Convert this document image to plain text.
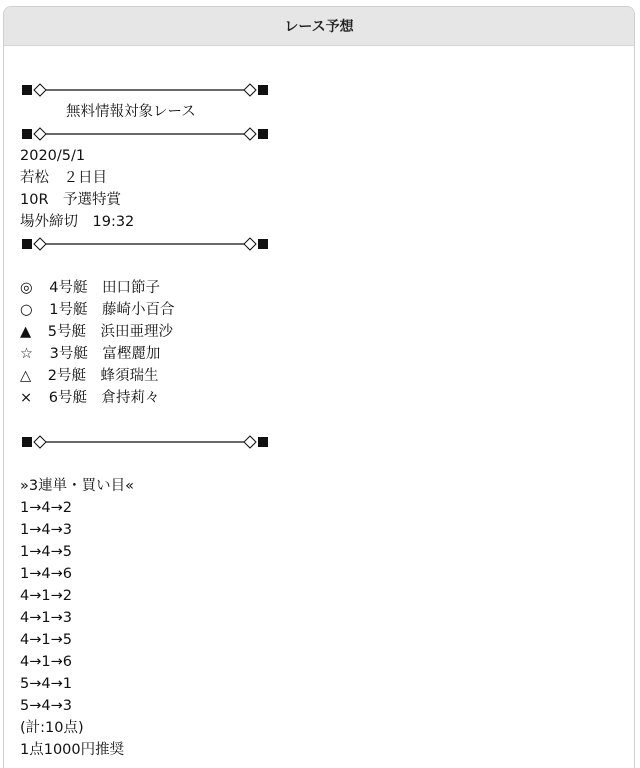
レース予想
無料情報対象レース
2020/5/1
若松　２日目
10R　予選特賞
場外締切　19:32
◎ 4号艇　田口節子
○ 1号艇　藤崎小百合
▲ 5号艇　浜田亜理沙
☆ 3号艇　富樫麗加
△ 2号艇　蜂須瑞生
× 6号艇　倉持莉々
»3連単・買い目«
1→4→2
1→4→3
1→4→5
1→4→6
4→1→2
4→1→3
4→1→5
4→1→6
5→4→1
5→4→3
(計:10点)
1点1000円推奨
